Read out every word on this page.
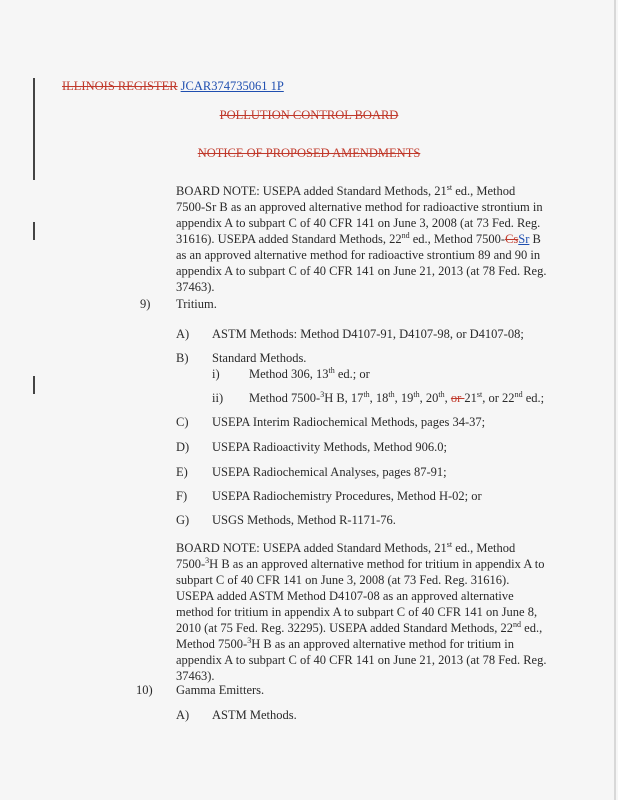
ILLINOIS REGISTER JCAR374735061 1P
POLLUTION CONTROL BOARD
NOTICE OF PROPOSED AMENDMENTS
BOARD NOTE: USEPA added Standard Methods, 21st ed., Method
7500-Sr B as an approved alternative method for radioactive strontium in
appendix A to subpart C of 40 CFR 141 on June 3, 2008 (at 73 Fed. Reg.
31616). USEPA added Standard Methods, 22nd ed., Method 7500-CsSr B
as an approved alternative method for radioactive strontium 89 and 90 in
appendix A to subpart C of 40 CFR 141 on June 21, 2013 (at 78 Fed. Reg.
37463).
9) Tritium.
A) ASTM Methods: Method D4107-91, D4107-98, or D4107-08;
B) Standard Methods.
i) Method 306, 13th ed.; or
ii) Method 7500-$^3$H B, 17th, 18th, 19th, 20th, or 21st, or 22nd ed.;
C) USEPA Interim Radiochemical Methods, pages 34-37;
D) USEPA Radioactivity Methods, Method 906.0;
E) USEPA Radiochemical Analyses, pages 87-91;
F) USEPA Radiochemistry Procedures, Method H-02; or
G) USGS Methods, Method R-1171-76.
BOARD NOTE: USEPA added Standard Methods, 21st ed., Method
7500-$^3$H B as an approved alternative method for tritium in appendix A to
subpart C of 40 CFR 141 on June 3, 2008 (at 73 Fed. Reg. 31616).
USEPA added ASTM Method D4107-08 as an approved alternative
method for tritium in appendix A to subpart C of 40 CFR 141 on June 8,
2010 (at 75 Fed. Reg. 32295). USEPA added Standard Methods, 22nd ed.,
Method 7500-$^3$H B as an approved alternative method for tritium in
appendix A to subpart C of 40 CFR 141 on June 21, 2013 (at 78 Fed. Reg.
37463).
10) Gamma Emitters.
A) ASTM Methods.
